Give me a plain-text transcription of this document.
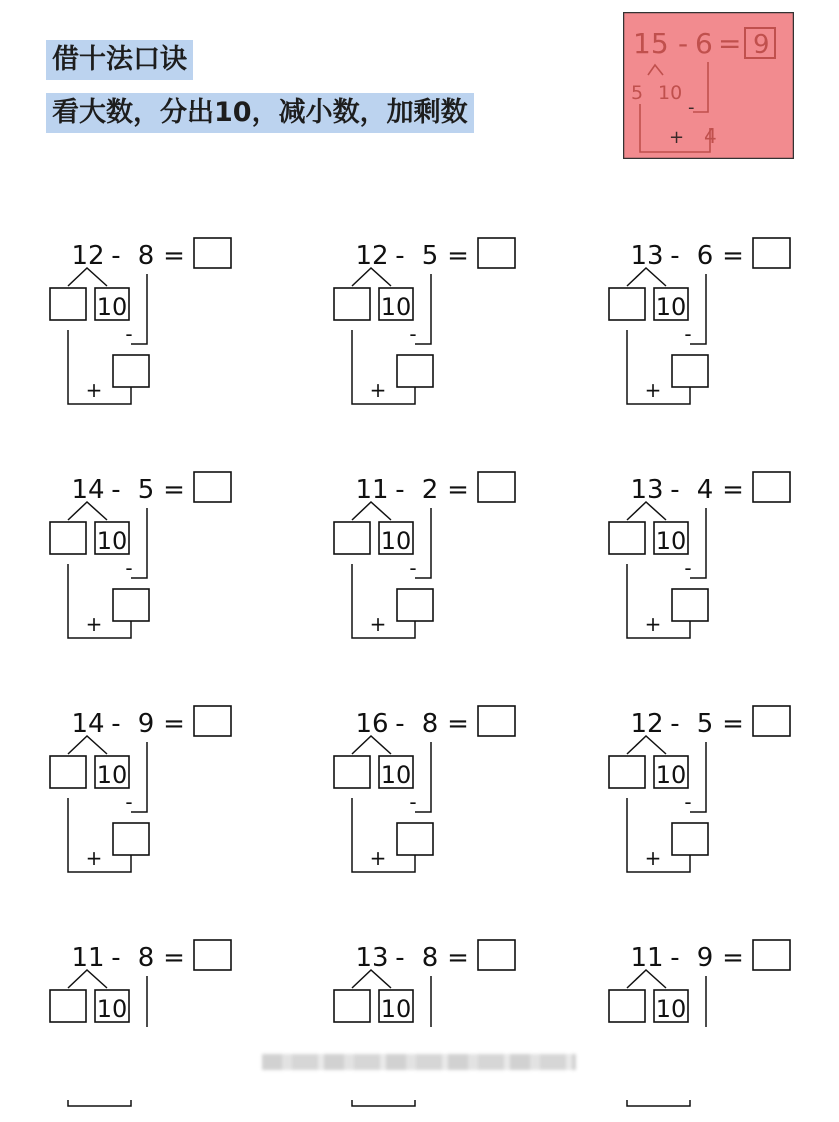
借十法口诀
看大数，分出10，减小数，加剩数
15 - 6 = 9
5 10
-
+ 4
12 - 8 =
10
-
+
12 - 5 =
10
-
+
13 - 6 =
10
-
+
14 - 5 =
10
-
+
11 - 2 =
10
-
+
13 - 4 =
10
-
+
14 - 9 =
10
-
+
16 - 8 =
10
-
+
12 - 5 =
10
-
+
11 - 8 =
10
13 - 8 =
10
11 - 9 =
10
